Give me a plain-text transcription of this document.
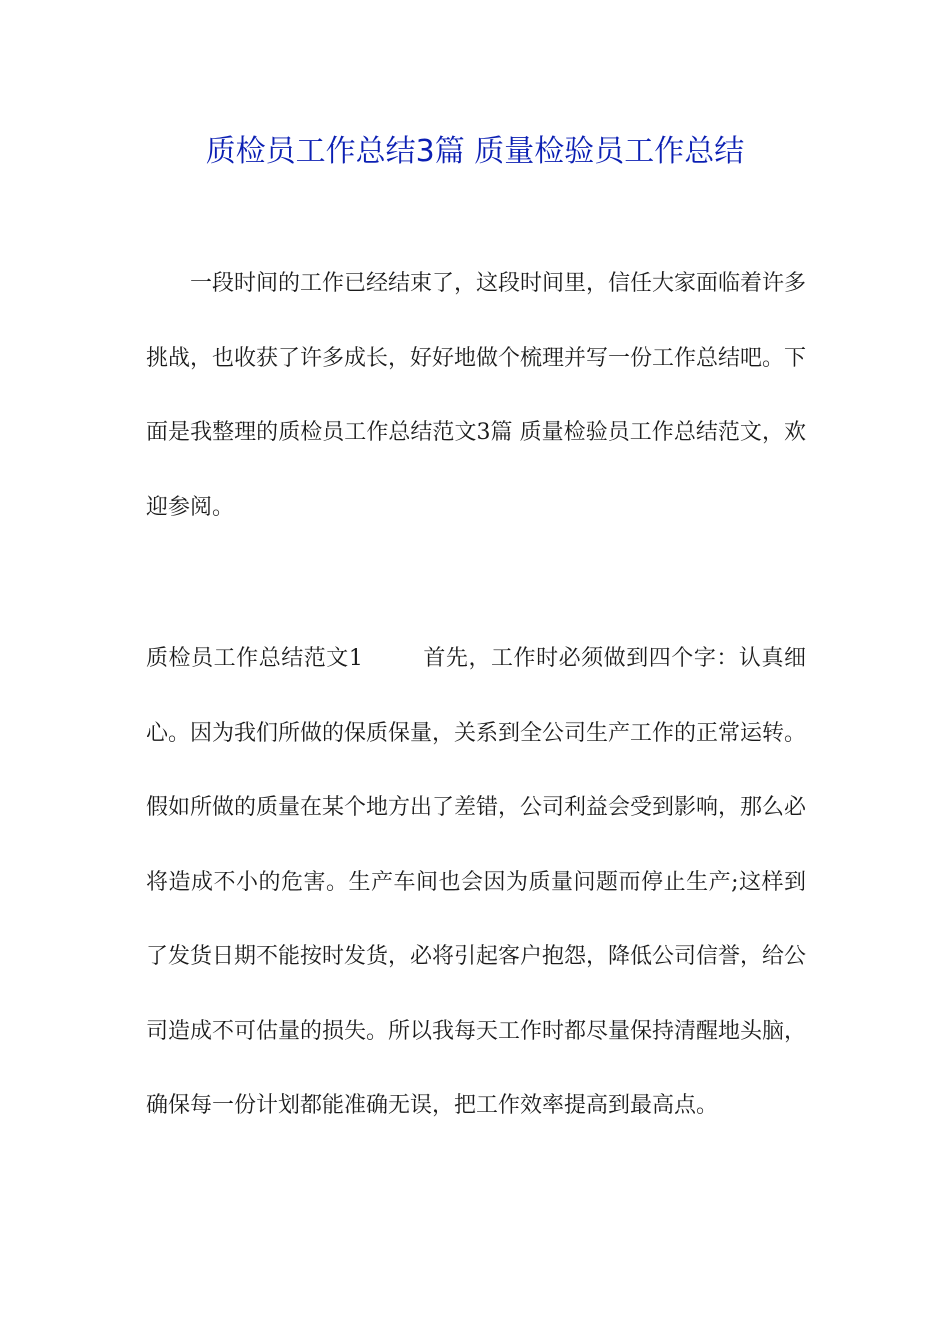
质检员工作总结3篇 质量检验员工作总结

一段时间的工作已经结束了，这段时间里，信任大家面临着许多挑战，也收获了许多成长，好好地做个梳理并写一份工作总结吧。下面是我整理的质检员工作总结范文3篇 质量检验员工作总结范文，欢迎参阅。

质检员工作总结范文1	首先，工作时必须做到四个字：认真细心。因为我们所做的保质保量，关系到全公司生产工作的正常运转。假如所做的质量在某个地方出了差错，公司利益会受到影响，那么必将造成不小的危害。生产车间也会因为质量问题而停止生产;这样到了发货日期不能按时发货，必将引起客户抱怨，降低公司信誉，给公司造成不可估量的损失。所以我每天工作时都尽量保持清醒地头脑，确保每一份计划都能准确无误，把工作效率提高到最高点。
